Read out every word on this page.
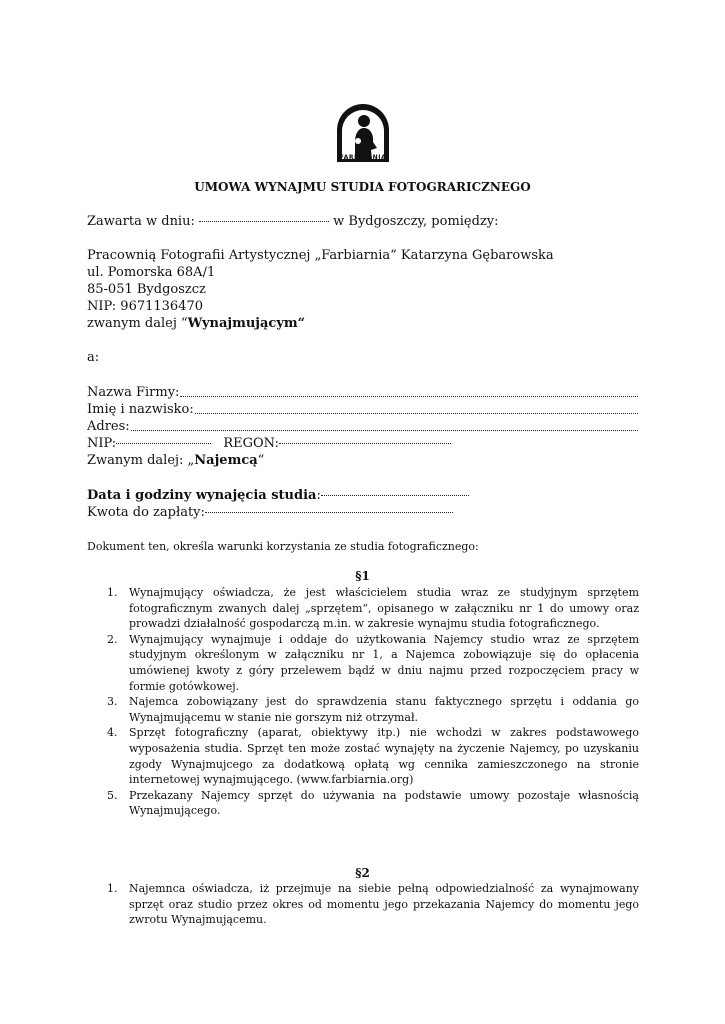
FARBIARNIA
UMOWA WYNAJMU STUDIA FOTOGRARICZNEGO
Zawarta w dniu:	w Bydgoszczy, pomiędzy:
Pracownią Fotografii Artystycznej „Farbiarnia“ Katarzyna Gębarowska
ul. Pomorska 68A/1
85-051 Bydgoszcz
NIP: 9671136470
zwanym dalej “Wynajmującym“
a:
Nazwa Firmy:
Imię i nazwisko:
Adres:
NIP:	REGON:
Zwanym dalej: „Najemcą“
Data i godziny wynajęcia studia:
Kwota do zapłaty:
Dokument ten, określa warunki korzystania ze studia fotograficznego:
§1
1. Wynajmujący oświadcza, że jest właścicielem studia wraz ze studyjnym sprzętem fotograficznym zwanych dalej „sprzętem“, opisanego w załączniku nr 1 do umowy oraz prowadzi działalność gospodarczą m.in. w zakresie wynajmu studia fotograficznego.
2. Wynajmujący wynajmuje i oddaje do użytkowania Najemcy studio wraz ze sprzętem studyjnym określonym w załączniku nr 1, a Najemca zobowiązuje się do opłacenia umówienej kwoty z góry przelewem bądź w dniu najmu przed rozpoczęciem pracy w formie gotówkowej.
3. Najemca zobowiązany jest do sprawdzenia stanu faktycznego sprzętu i oddania go Wynajmującemu w stanie nie gorszym niż otrzymał.
4. Sprzęt fotograficzny (aparat, obiektywy itp.) nie wchodzi w zakres podstawowego wyposażenia studia. Sprzęt ten może zostać wynajęty na życzenie Najemcy, po uzyskaniu zgody Wynajmujcego za dodatkową opłatą wg cennika zamieszczonego na stronie internetowej wynajmującego. (www.farbiarnia.org)
5. Przekazany Najemcy sprzęt do używania na podstawie umowy pozostaje własnością Wynajmującego.
§2
1. Najemnca oświadcza, iż przejmuje na siebie pełną odpowiedzialność za wynajmowany sprzęt oraz studio przez okres od momentu jego przekazania Najemcy do momentu jego zwrotu Wynajmującemu.
